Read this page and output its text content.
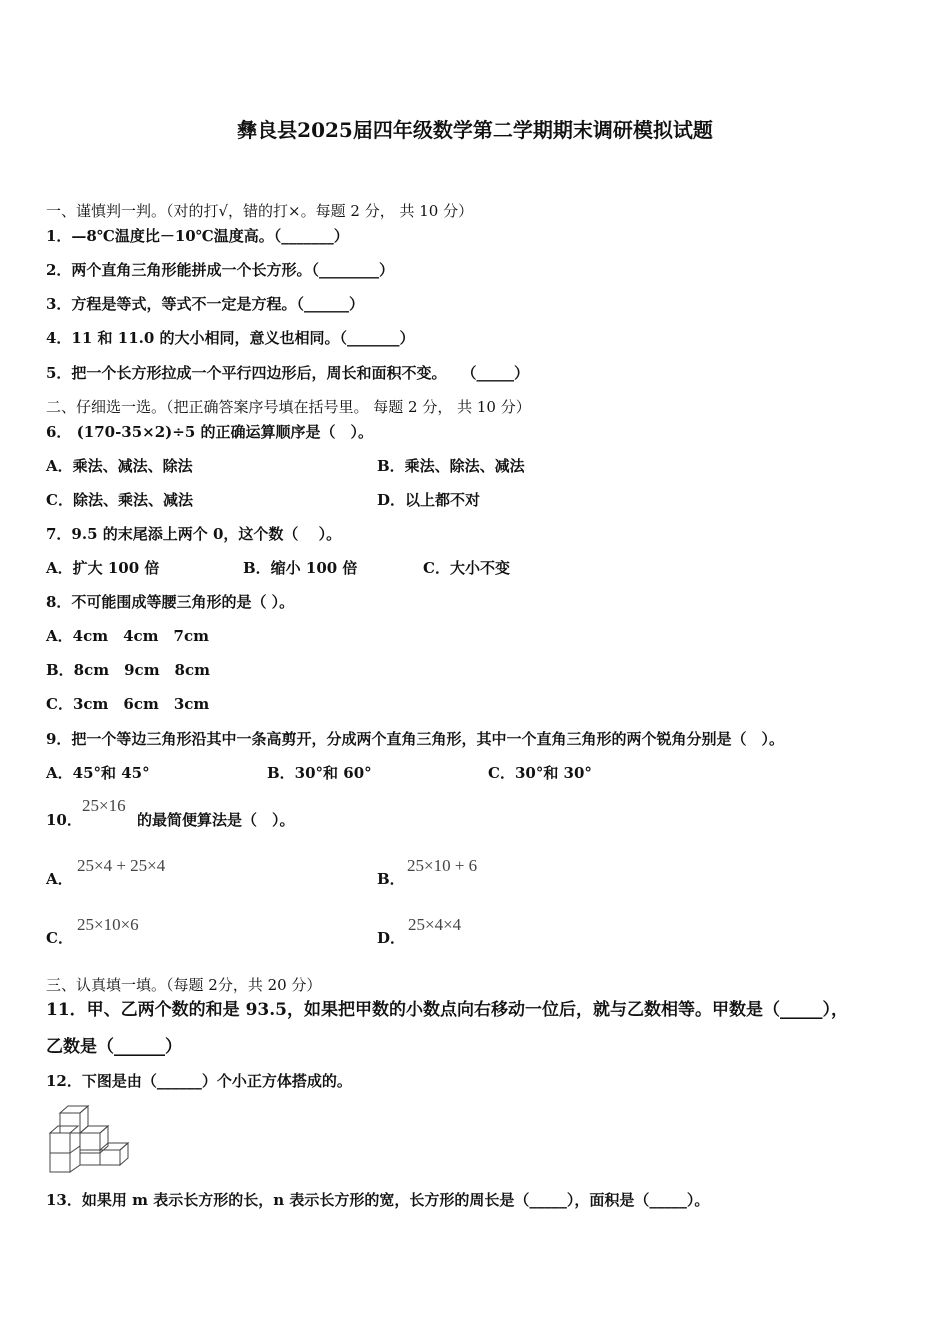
彝良县2025届四年级数学第二学期期末调研模拟试题
一、谨慎判一判。（对的打√，错的打×。每题 2 分， 共 10 分）
1．—8℃温度比－10℃温度高。（_______）
2．两个直角三角形能拼成一个长方形。（________）
3．方程是等式，等式不一定是方程。（______）
4．11 和 11.0 的大小相同，意义也相同。（_______）
5．把一个长方形拉成一个平行四边形后，周长和面积不变。　　（_____）
二、仔细选一选。（把正确答案序号填在括号里。 每题 2 分， 共 10 分）
6． (170-35×2)÷5 的正确运算顺序是（　）。
A．乘法、减法、除法	B．乘法、除法、减法
C．除法、乘法、减法	D．以上都不对
7．9.5 的末尾添上两个 0，这个数（　 ）。
A．扩大 100 倍	B．缩小 100 倍	C．大小不变
8．不可能围成等腰三角形的是（ ）。
A．4cm　4cm　7cm
B．8cm　9cm　8cm
C．3cm　6cm　3cm
9．把一个等边三角形沿其中一条高剪开，分成两个直角三角形，其中一个直角三角形的两个锐角分别是（　）。
A．45°和 45°	B．30°和 60°	C．30°和 30°
10．
25×16
的最简便算法是（　）。
A．
25×4 + 25×4
B．
25×10 + 6
C．
25×10×6
D．
25×4×4
三、认真填一填。（每题 2分，共 20 分）
11．甲、乙两个数的和是 93.5，如果把甲数的小数点向右移动一位后，就与乙数相等。甲数是（_____），
乙数是（______）
12．下图是由（______）个小正方体搭成的。
13．如果用 m 表示长方形的长，n 表示长方形的宽，长方形的周长是（_____），面积是（_____）。
